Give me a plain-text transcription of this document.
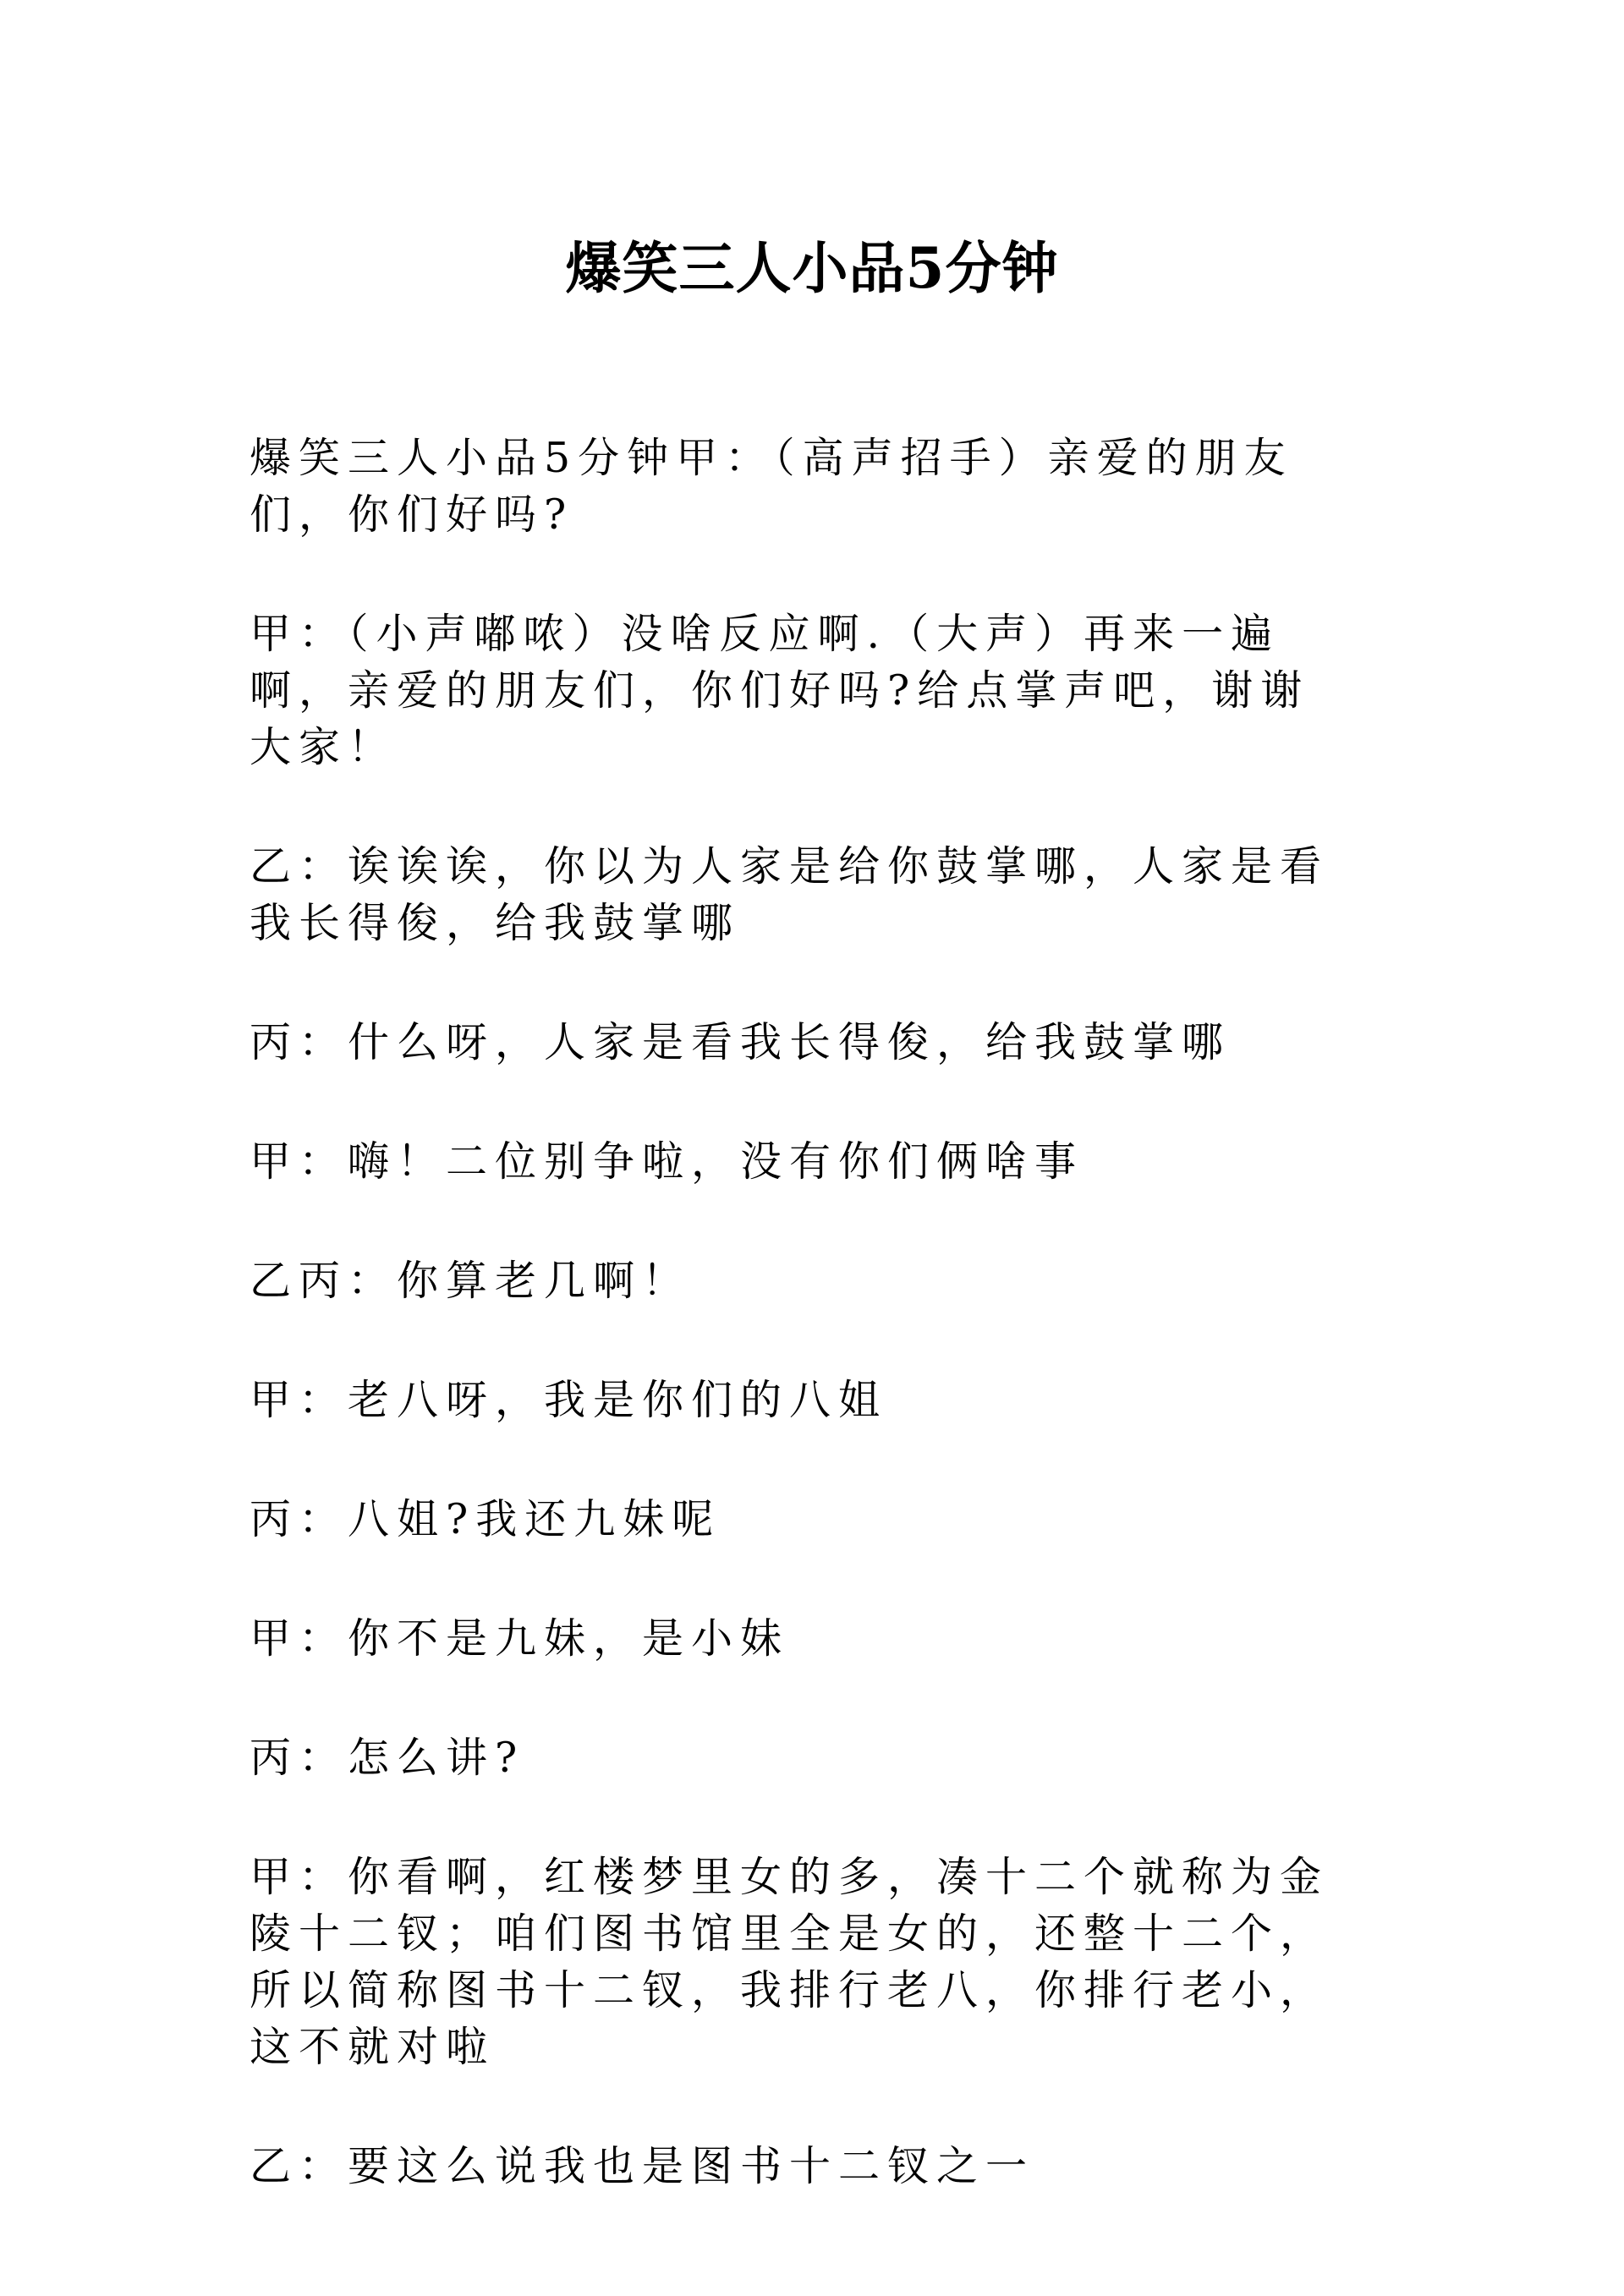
爆笑三人小品5分钟

爆笑三人小品5分钟甲：（高声招手）亲爱的朋友们，你们好吗?

甲：（小声嘟哝）没啥反应啊.（大声）再来一遍啊，亲爱的朋友们，你们好吗?给点掌声吧，谢谢大家！

乙：诶诶诶，你以为人家是给你鼓掌哪，人家是看我长得俊，给我鼓掌哪

丙：什么呀，人家是看我长得俊，给我鼓掌哪

甲：嗨！二位别争啦，没有你们俩啥事

乙丙：你算老几啊！

甲：老八呀，我是你们的八姐

丙：八姐?我还九妹呢

甲：你不是九妹，是小妹

丙：怎么讲?

甲：你看啊，红楼梦里女的多，凑十二个就称为金陵十二钗；咱们图书馆里全是女的，还整十二个，所以简称图书十二钗，我排行老八，你排行老小，这不就对啦

乙：要这么说我也是图书十二钗之一
